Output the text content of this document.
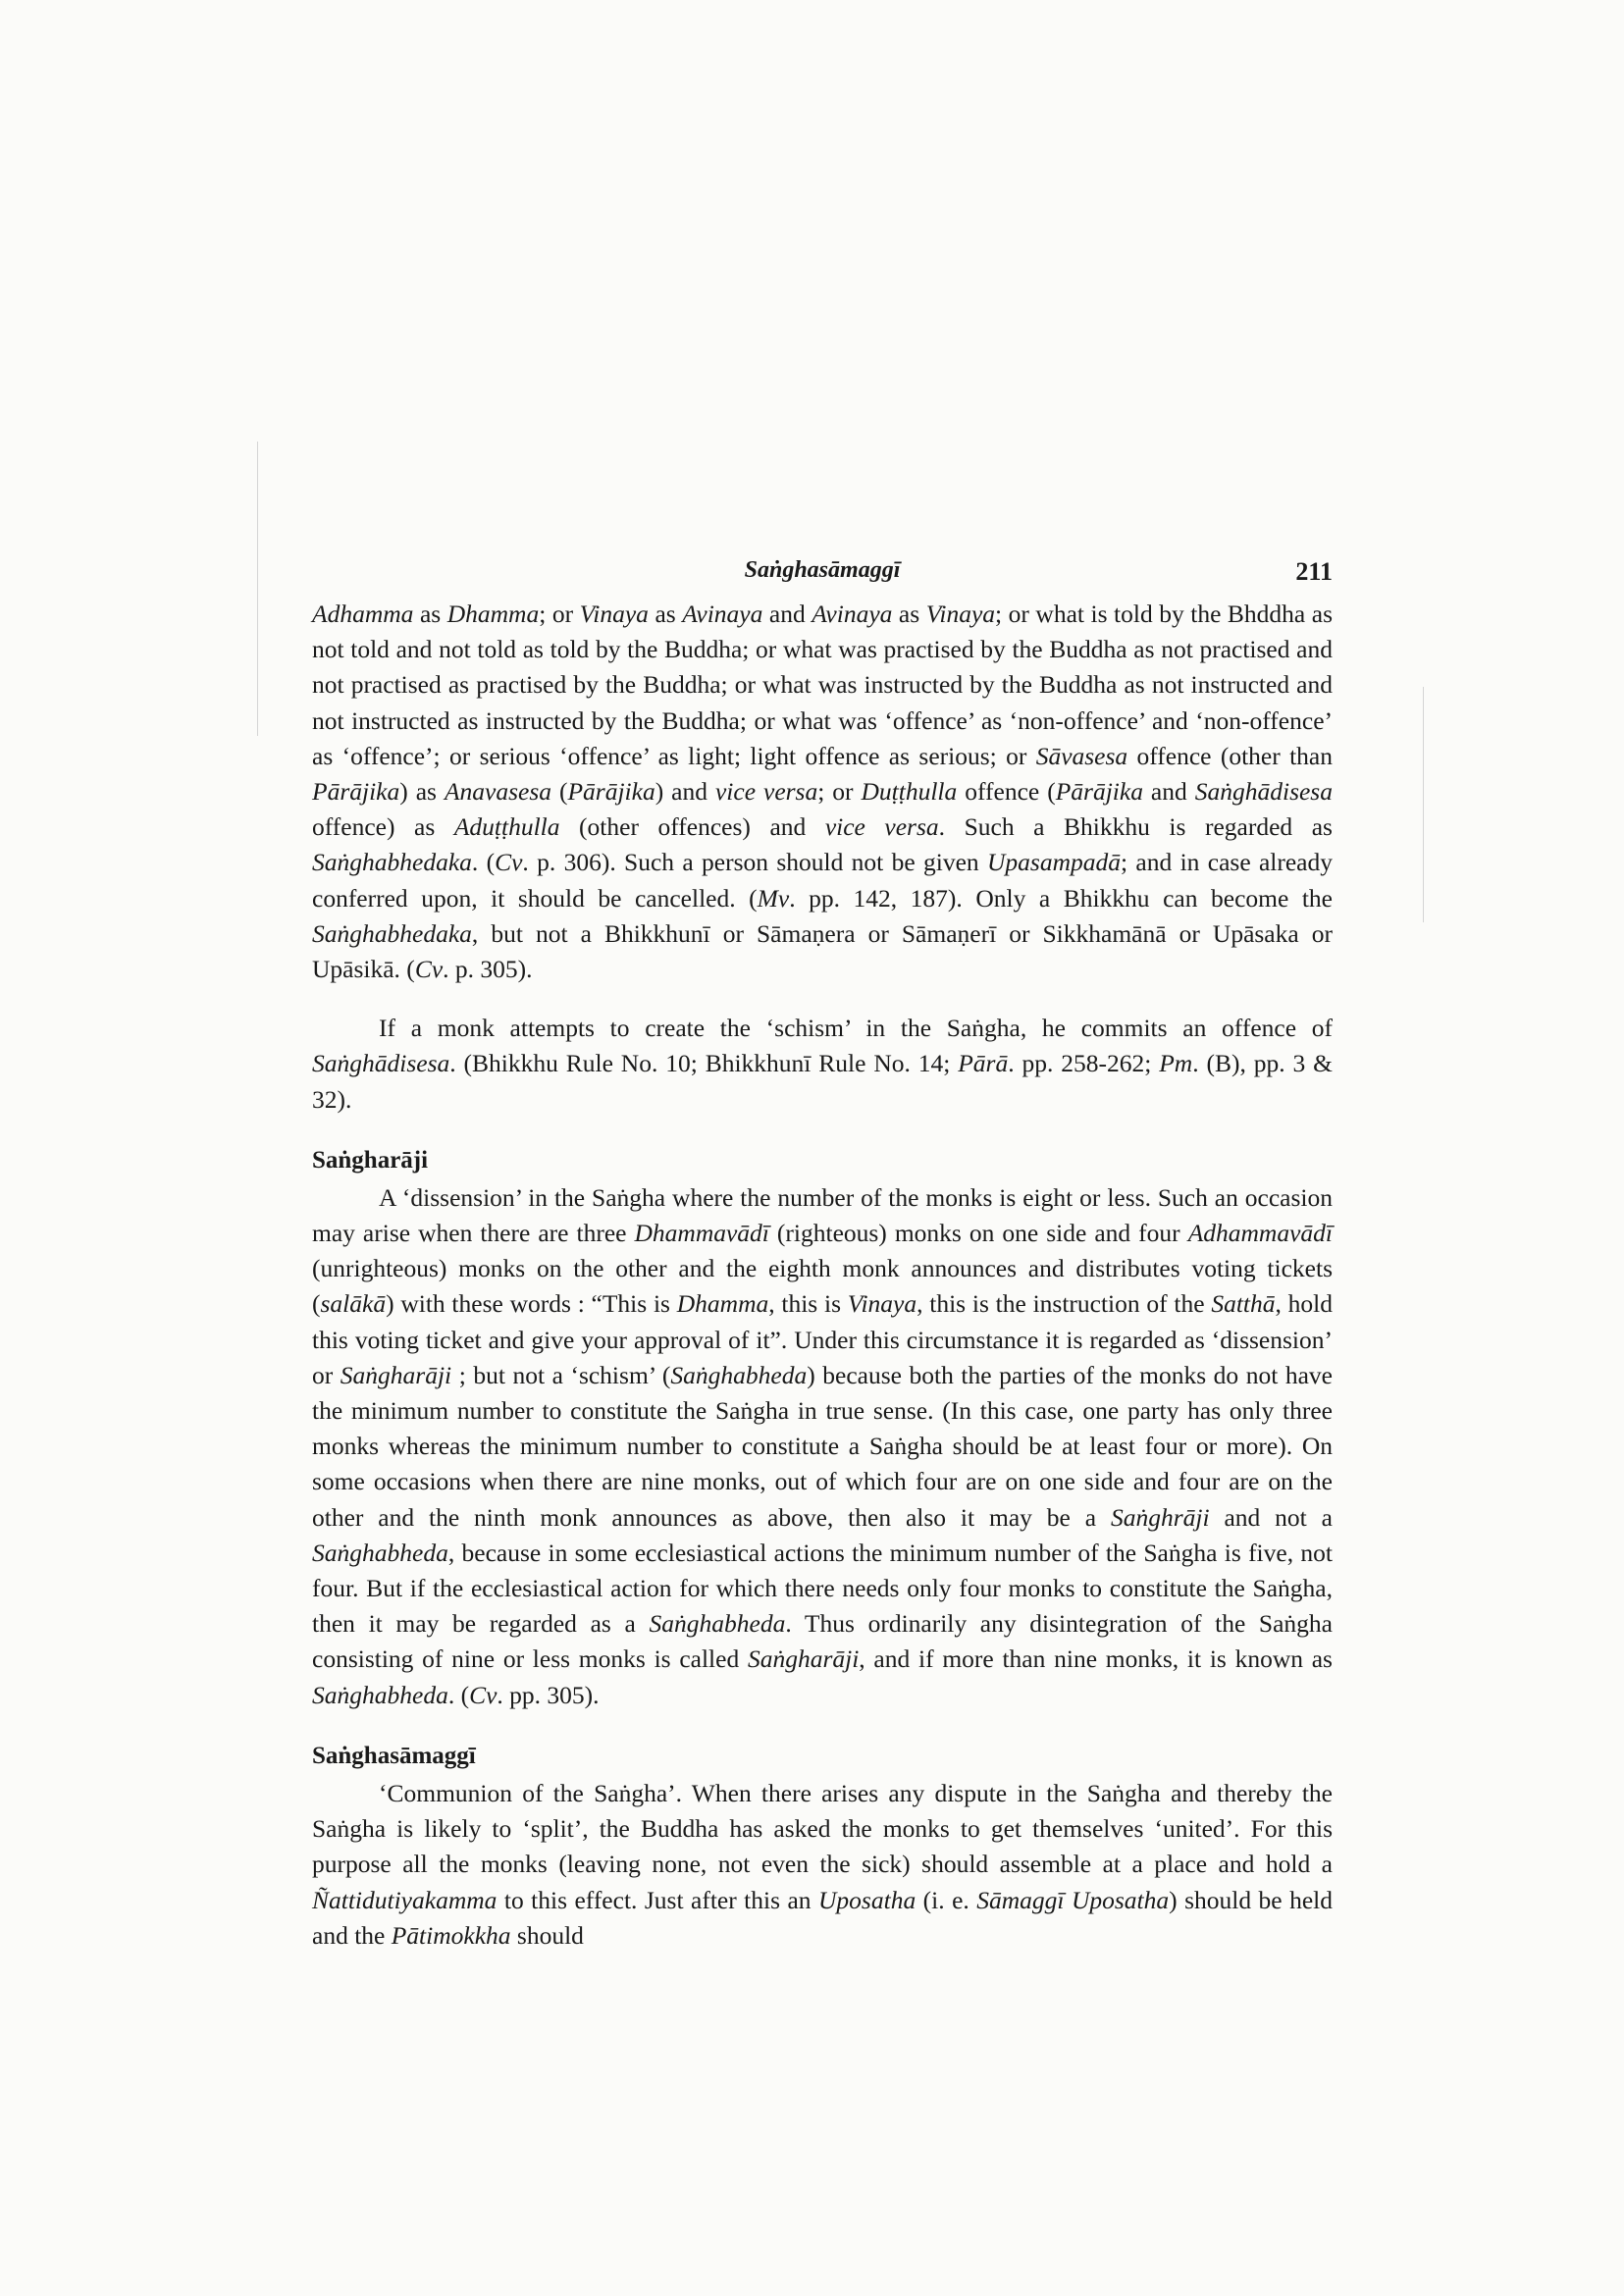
Saṅghasāmaggī	211

Adhamma as Dhamma; or Vinaya as Avinaya and Avinaya as Vinaya; or what is told by the Bhddha as not told and not told as told by the Buddha; or what was practised by the Buddha as not practised and not practised as practised by the Buddha; or what was instructed by the Buddha as not instructed and not instructed as instructed by the Buddha; or what was ‘offence’ as ‘non-offence’ and ‘non-offence’ as ‘offence’; or serious ‘offence’ as light; light offence as serious; or Sāvasesa offence (other than Pārājika) as Anavasesa (Pārājika) and vice versa; or Duṭṭhulla offence (Pārājika and Saṅghādisesa offence) as Aduṭṭhulla (other offences) and vice versa. Such a Bhikkhu is regarded as Saṅghabhedaka. (Cv. p. 306). Such a person should not be given Upasampadā; and in case already conferred upon, it should be cancelled. (Mv. pp. 142, 187). Only a Bhikkhu can become the Saṅghabhedaka, but not a Bhikkhunī or Sāmaṇera or Sāmaṇerī or Sikkhamānā or Upāsaka or Upāsikā. (Cv. p. 305).

If a monk attempts to create the ‘schism’ in the Saṅgha, he commits an offence of Saṅghādisesa. (Bhikkhu Rule No. 10; Bhikkhunī Rule No. 14; Pārā. pp. 258-262; Pm. (B), pp. 3 & 32).

Saṅgharāji

A ‘dissension’ in the Saṅgha where the number of the monks is eight or less. Such an occasion may arise when there are three Dhammavādī (righteous) monks on one side and four Adhammavādī (unrighteous) monks on the other and the eighth monk announces and distributes voting tickets (salākā) with these words : “This is Dhamma, this is Vinaya, this is the instruction of the Satthā, hold this voting ticket and give your approval of it”. Under this circumstance it is regarded as ‘dissension’ or Saṅgharāji ; but not a ‘schism’ (Saṅghabheda) because both the parties of the monks do not have the minimum number to constitute the Saṅgha in true sense. (In this case, one party has only three monks whereas the minimum number to constitute a Saṅgha should be at least four or more). On some occasions when there are nine monks, out of which four are on one side and four are on the other and the ninth monk announces as above, then also it may be a Saṅghrāji and not a Saṅghabheda, because in some ecclesiastical actions the minimum number of the Saṅgha is five, not four. But if the ecclesiastical action for which there needs only four monks to constitute the Saṅgha, then it may be regarded as a Saṅghabheda. Thus ordinarily any disintegration of the Saṅgha consisting of nine or less monks is called Saṅgharāji, and if more than nine monks, it is known as Saṅghabheda. (Cv. pp. 305).

Saṅghasāmaggī

‘Communion of the Saṅgha’. When there arises any dispute in the Saṅgha and thereby the Saṅgha is likely to ‘split’, the Buddha has asked the monks to get themselves ‘united’. For this purpose all the monks (leaving none, not even the sick) should assemble at a place and hold a Ñattidutiyakamma to this effect. Just after this an Uposatha (i. e. Sāmaggī Uposatha) should be held and the Pātimokkha should
